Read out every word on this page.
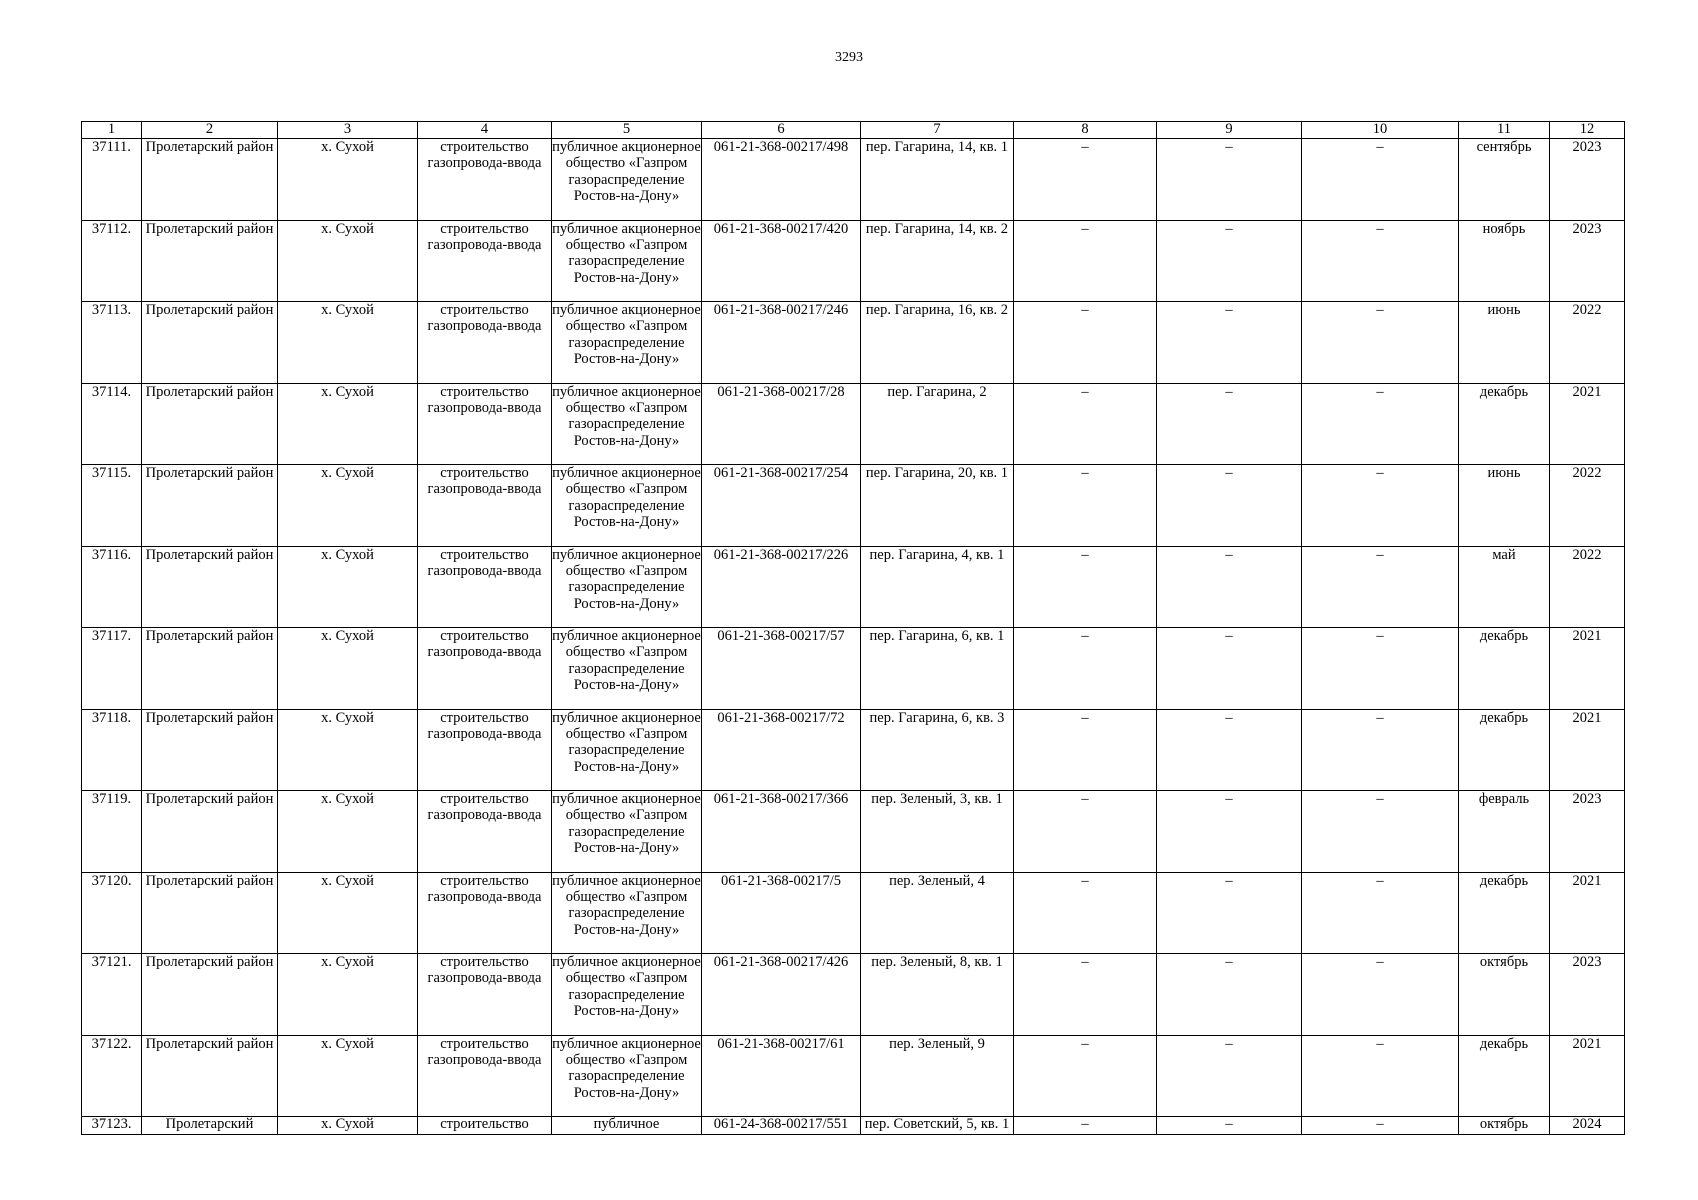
3293
1	2	3	4	5	6	7	8	9	10	11	12
37111.	Пролетарский район	х. Сухой	строительство газопровода-ввода	публичное акционерное общество «Газпром газораспределение Ростов-на-Дону»	061-21-368-00217/498	пер. Гагарина, 14, кв. 1	–	–	–	сентябрь	2023
37112.	Пролетарский район	х. Сухой	строительство газопровода-ввода	публичное акционерное общество «Газпром газораспределение Ростов-на-Дону»	061-21-368-00217/420	пер. Гагарина, 14, кв. 2	–	–	–	ноябрь	2023
37113.	Пролетарский район	х. Сухой	строительство газопровода-ввода	публичное акционерное общество «Газпром газораспределение Ростов-на-Дону»	061-21-368-00217/246	пер. Гагарина, 16, кв. 2	–	–	–	июнь	2022
37114.	Пролетарский район	х. Сухой	строительство газопровода-ввода	публичное акционерное общество «Газпром газораспределение Ростов-на-Дону»	061-21-368-00217/28	пер. Гагарина, 2	–	–	–	декабрь	2021
37115.	Пролетарский район	х. Сухой	строительство газопровода-ввода	публичное акционерное общество «Газпром газораспределение Ростов-на-Дону»	061-21-368-00217/254	пер. Гагарина, 20, кв. 1	–	–	–	июнь	2022
37116.	Пролетарский район	х. Сухой	строительство газопровода-ввода	публичное акционерное общество «Газпром газораспределение Ростов-на-Дону»	061-21-368-00217/226	пер. Гагарина, 4, кв. 1	–	–	–	май	2022
37117.	Пролетарский район	х. Сухой	строительство газопровода-ввода	публичное акционерное общество «Газпром газораспределение Ростов-на-Дону»	061-21-368-00217/57	пер. Гагарина, 6, кв. 1	–	–	–	декабрь	2021
37118.	Пролетарский район	х. Сухой	строительство газопровода-ввода	публичное акционерное общество «Газпром газораспределение Ростов-на-Дону»	061-21-368-00217/72	пер. Гагарина, 6, кв. 3	–	–	–	декабрь	2021
37119.	Пролетарский район	х. Сухой	строительство газопровода-ввода	публичное акционерное общество «Газпром газораспределение Ростов-на-Дону»	061-21-368-00217/366	пер. Зеленый, 3, кв. 1	–	–	–	февраль	2023
37120.	Пролетарский район	х. Сухой	строительство газопровода-ввода	публичное акционерное общество «Газпром газораспределение Ростов-на-Дону»	061-21-368-00217/5	пер. Зеленый, 4	–	–	–	декабрь	2021
37121.	Пролетарский район	х. Сухой	строительство газопровода-ввода	публичное акционерное общество «Газпром газораспределение Ростов-на-Дону»	061-21-368-00217/426	пер. Зеленый, 8, кв. 1	–	–	–	октябрь	2023
37122.	Пролетарский район	х. Сухой	строительство газопровода-ввода	публичное акционерное общество «Газпром газораспределение Ростов-на-Дону»	061-21-368-00217/61	пер. Зеленый, 9	–	–	–	декабрь	2021
37123.	Пролетарский	х. Сухой	строительство	публичное	061-24-368-00217/551	пер. Советский, 5, кв. 1	–	–	–	октябрь	2024
